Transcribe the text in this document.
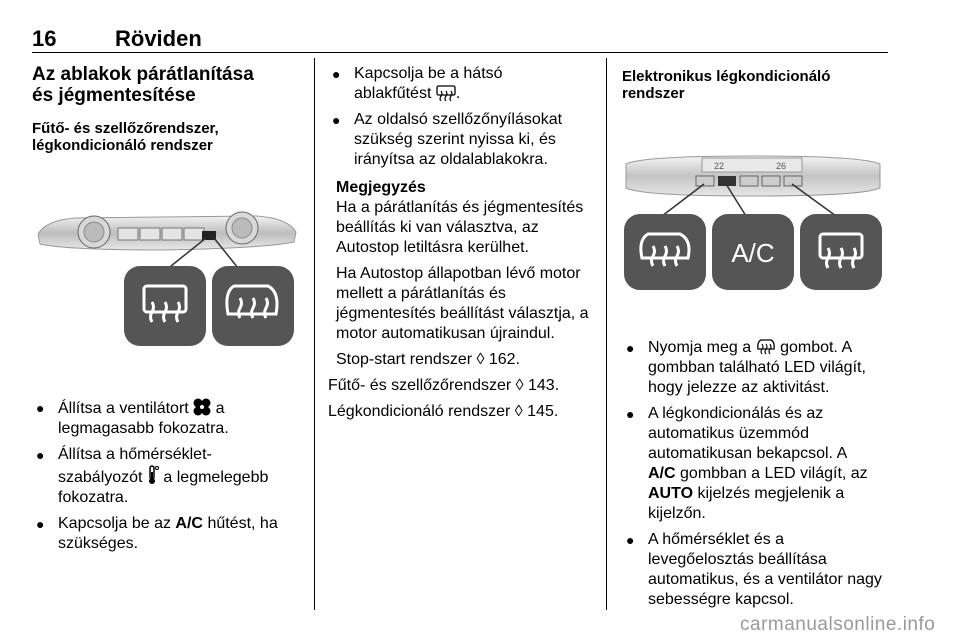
16	Röviden
Az ablakok párátlanítása és jégmentesítése
Fűtő- és szellőzőrendszer, légkondicionáló rendszer
● Állítsa a ventilátort a
legmagasabb fokozatra.
● Állítsa a hőmérséklet-
szabályozót a legmelegebb
fokozatra.
● Kapcsolja be az A/C hűtést, ha
szükséges.
● Kapcsolja be a hátsó
ablakfűtést .
● Az oldalsó szellőzőnyílásokat
szükség szerint nyissa ki, és
irányítsa az oldalablakokra.
Megjegyzés
Ha a párátlanítás és jégmentesítés
beállítás ki van választva, az
Autostop letiltásra kerülhet.
Ha Autostop állapotban lévő motor
mellett a párátlanítás és
jégmentesítés beállítást választja, a
motor automatikusan újraindul.
Stop-start rendszer ◊ 162.
Fűtő- és szellőzőrendszer ◊ 143.
Légkondicionáló rendszer ◊ 145.
Elektronikus légkondicionáló
rendszer
22	26
A/C
● Nyomja meg a gombot. A
gombban található LED világít,
hogy jelezze az aktivitást.
● A légkondicionálás és az
automatikus üzemmód
automatikusan bekapcsol. A
A/C gombban a LED világít, az
AUTO kijelzés megjelenik a
kijelzőn.
● A hőmérséklet és a
levegőelosztás beállítása
automatikus, és a ventilátor nagy
sebességre kapcsol.
carmanualsonline.info
